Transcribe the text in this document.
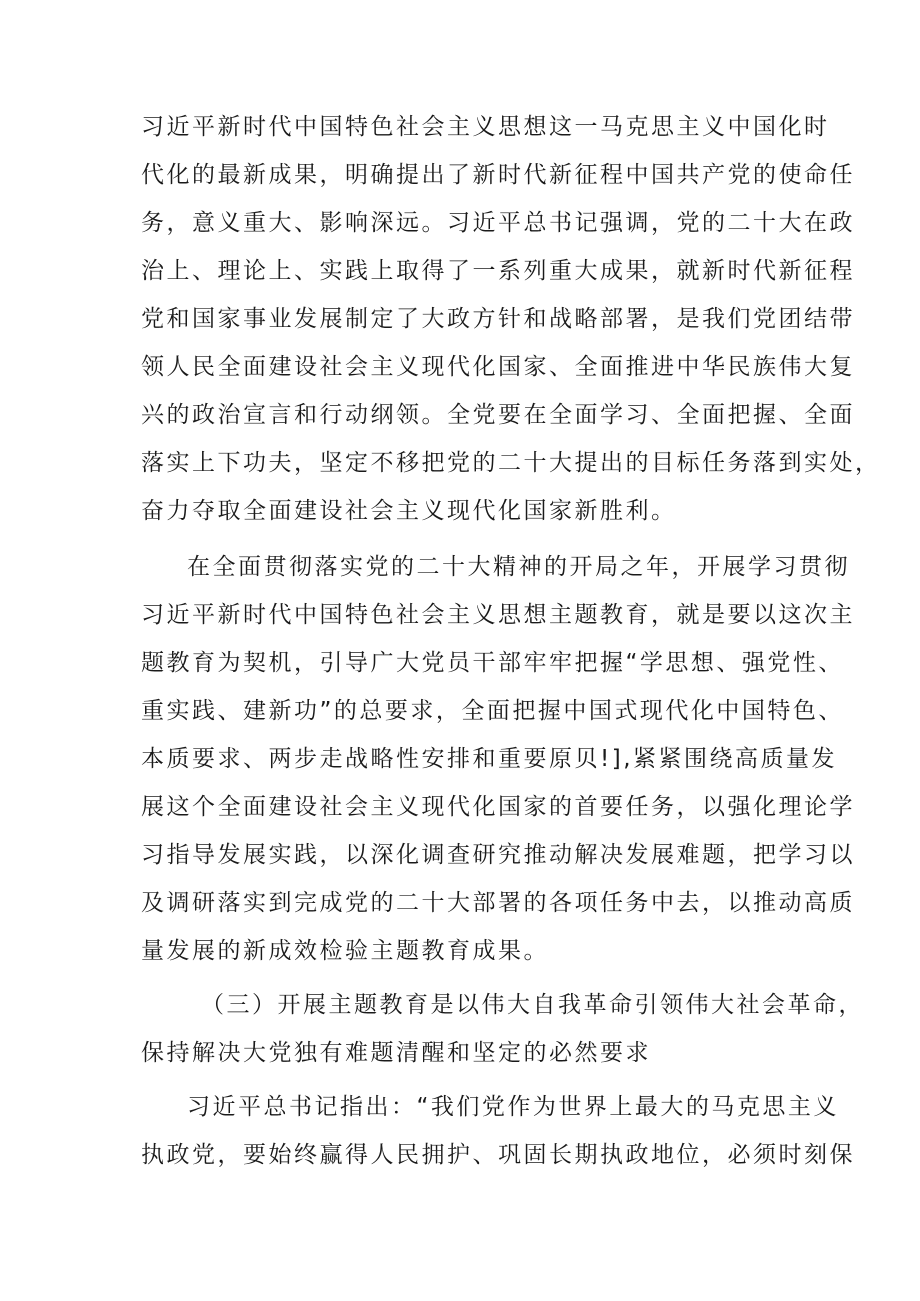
习近平新时代中国特色社会主义思想这一马克思主义中国化时
代化的最新成果，明确提出了新时代新征程中国共产党的使命任
务，意义重大、影响深远。习近平总书记强调，党的二十大在政
治上、理论上、实践上取得了一系列重大成果，就新时代新征程
党和国家事业发展制定了大政方针和战略部署，是我们党团结带
领人民全面建设社会主义现代化国家、全面推进中华民族伟大复
兴的政治宣言和行动纲领。全党要在全面学习、全面把握、全面
落实上下功夫，坚定不移把党的二十大提出的目标任务落到实处，
奋力夺取全面建设社会主义现代化国家新胜利。
在全面贯彻落实党的二十大精神的开局之年，开展学习贯彻
习近平新时代中国特色社会主义思想主题教育，就是要以这次主
题教育为契机，引导广大党员干部牢牢把握“学思想、强党性、
重实践、建新功”的总要求，全面把握中国式现代化中国特色、
本质要求、两步走战略性安排和重要原贝!],紧紧围绕高质量发
展这个全面建设社会主义现代化国家的首要任务，以强化理论学
习指导发展实践，以深化调查研究推动解决发展难题，把学习以
及调研落实到完成党的二十大部署的各项任务中去，以推动高质
量发展的新成效检验主题教育成果。
（三）开展主题教育是以伟大自我革命引领伟大社会革命，
保持解决大党独有难题清醒和坚定的必然要求
习近平总书记指出：“我们党作为世界上最大的马克思主义
执政党，要始终赢得人民拥护、巩固长期执政地位，必须时刻保
